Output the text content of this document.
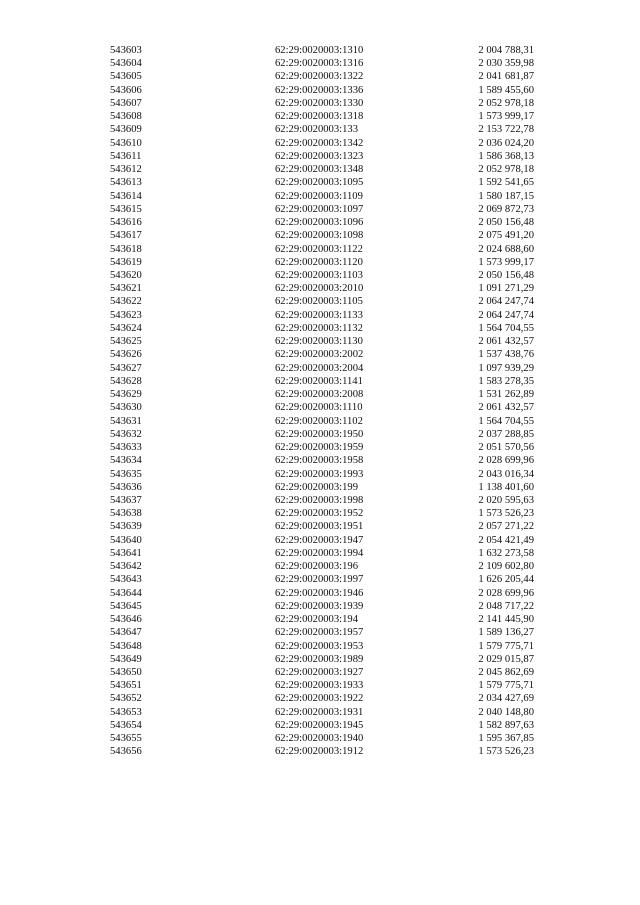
543603	62:29:0020003:1310	2 004 788,31
543604	62:29:0020003:1316	2 030 359,98
543605	62:29:0020003:1322	2 041 681,87
543606	62:29:0020003:1336	1 589 455,60
543607	62:29:0020003:1330	2 052 978,18
543608	62:29:0020003:1318	1 573 999,17
543609	62:29:0020003:133	2 153 722,78
543610	62:29:0020003:1342	2 036 024,20
543611	62:29:0020003:1323	1 586 368,13
543612	62:29:0020003:1348	2 052 978,18
543613	62:29:0020003:1095	1 592 541,65
543614	62:29:0020003:1109	1 580 187,15
543615	62:29:0020003:1097	2 069 872,73
543616	62:29:0020003:1096	2 050 156,48
543617	62:29:0020003:1098	2 075 491,20
543618	62:29:0020003:1122	2 024 688,60
543619	62:29:0020003:1120	1 573 999,17
543620	62:29:0020003:1103	2 050 156,48
543621	62:29:0020003:2010	1 091 271,29
543622	62:29:0020003:1105	2 064 247,74
543623	62:29:0020003:1133	2 064 247,74
543624	62:29:0020003:1132	1 564 704,55
543625	62:29:0020003:1130	2 061 432,57
543626	62:29:0020003:2002	1 537 438,76
543627	62:29:0020003:2004	1 097 939,29
543628	62:29:0020003:1141	1 583 278,35
543629	62:29:0020003:2008	1 531 262,89
543630	62:29:0020003:1110	2 061 432,57
543631	62:29:0020003:1102	1 564 704,55
543632	62:29:0020003:1950	2 037 288,85
543633	62:29:0020003:1959	2 051 570,56
543634	62:29:0020003:1958	2 028 699,96
543635	62:29:0020003:1993	2 043 016,34
543636	62:29:0020003:199	1 138 401,60
543637	62:29:0020003:1998	2 020 595,63
543638	62:29:0020003:1952	1 573 526,23
543639	62:29:0020003:1951	2 057 271,22
543640	62:29:0020003:1947	2 054 421,49
543641	62:29:0020003:1994	1 632 273,58
543642	62:29:0020003:196	2 109 602,80
543643	62:29:0020003:1997	1 626 205,44
543644	62:29:0020003:1946	2 028 699,96
543645	62:29:0020003:1939	2 048 717,22
543646	62:29:0020003:194	2 141 445,90
543647	62:29:0020003:1957	1 589 136,27
543648	62:29:0020003:1953	1 579 775,71
543649	62:29:0020003:1989	2 029 015,87
543650	62:29:0020003:1927	2 045 862,69
543651	62:29:0020003:1933	1 579 775,71
543652	62:29:0020003:1922	2 034 427,69
543653	62:29:0020003:1931	2 040 148,80
543654	62:29:0020003:1945	1 582 897,63
543655	62:29:0020003:1940	1 595 367,85
543656	62:29:0020003:1912	1 573 526,23
